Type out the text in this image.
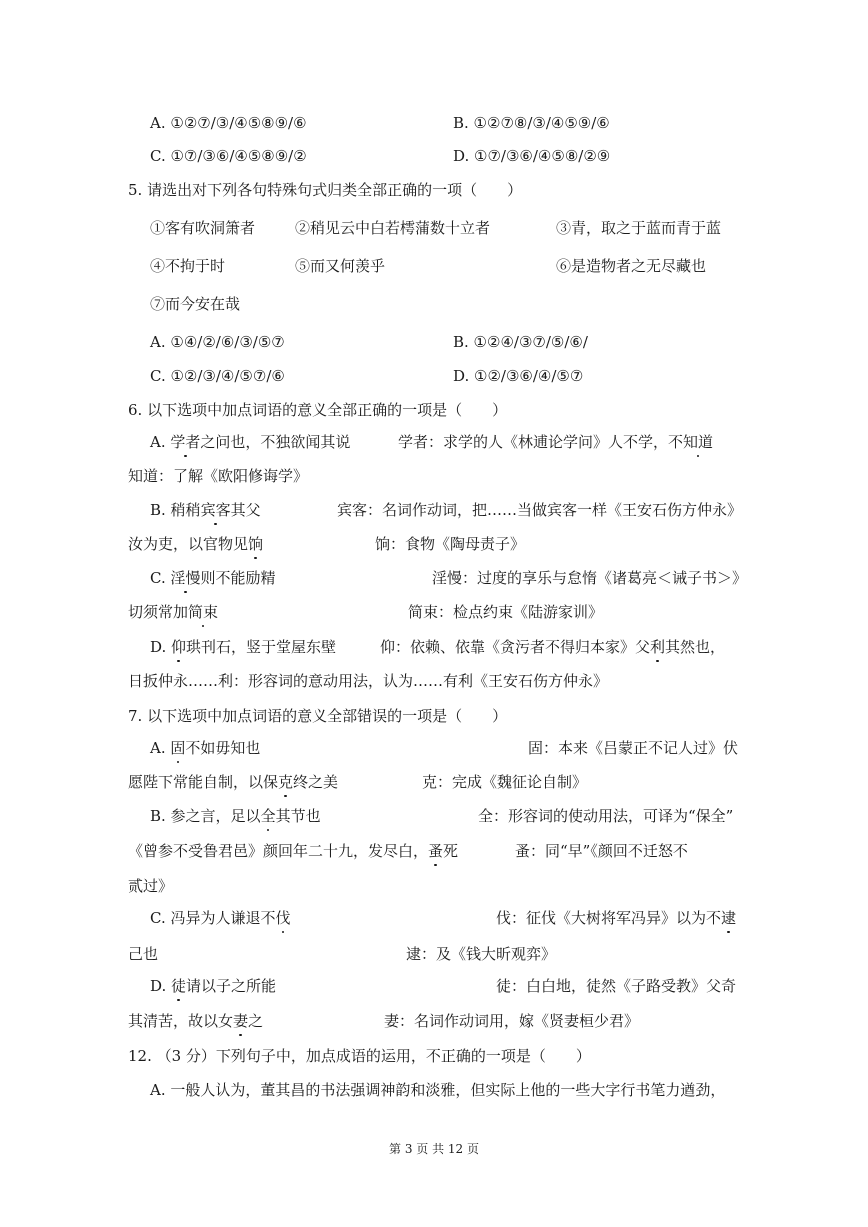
A. ①②⑦/③/④⑤⑧⑨/⑥	B. ①②⑦⑧/③/④⑤⑨/⑥
C. ①⑦/③⑥/④⑤⑧⑨/②	D. ①⑦/③⑥/④⑤⑧/②⑨
5. 请选出对下列各句特殊句式归类全部正确的一项（　　）
①客有吹洞箫者	②稍见云中白若樗蒲数十立者	③青，取之于蓝而青于蓝
④不拘于时	⑤而又何羡乎	⑥是造物者之无尽藏也
⑦而今安在哉
A. ①④/②/⑥/③/⑤⑦	B. ①②④/③⑦/⑤/⑥/
C. ①②/③/④/⑤⑦/⑥	D. ①②/③⑥/④/⑤⑦
6. 以下选项中加点词语的意义全部正确的一项是（　　）
A. 学者之问也，不独欲闻其说	学者：求学的人《林逋论学问》人不学，不知道
知道：了解《欧阳修诲学》
B. 稍稍宾客其父	宾客：名词作动词，把……当做宾客一样《王安石伤方仲永》
汝为吏，以官物见饷	饷：食物《陶母责子》
C. 淫慢则不能励精	淫慢：过度的享乐与怠惰《诸葛亮＜诫子书＞》
切须常加简束	简束：检点约束《陆游家训》
D. 仰珙刊石，竖于堂屋东壁	仰：依赖、依靠《贪污者不得归本家》父利其然也，
日扳仲永……利：形容词的意动用法，认为……有利《王安石伤方仲永》
7. 以下选项中加点词语的意义全部错误的一项是（　　）
A. 固不如毋知也	固：本来《吕蒙正不记人过》伏
愿陛下常能自制，以保克终之美	克：完成《魏征论自制》
B. 参之言，足以全其节也	全：形容词的使动用法，可译为“保全”
《曾参不受鲁君邑》颜回年二十九，发尽白，蚤死	蚤：同“早”《颜回不迁怒不
贰过》
C. 冯异为人谦退不伐	伐：征伐《大树将军冯异》以为不逮
己也	逮：及《钱大昕观弈》
D. 徒请以子之所能	徒：白白地，徒然《子路受教》父奇
其清苦，故以女妻之	妻：名词作动词用，嫁《贤妻桓少君》
12. （3 分）下列句子中，加点成语的运用，不正确的一项是（　　）
A. 一般人认为，董其昌的书法强调神韵和淡雅，但实际上他的一些大字行书笔力遒劲，
第 3 页 共 12 页
